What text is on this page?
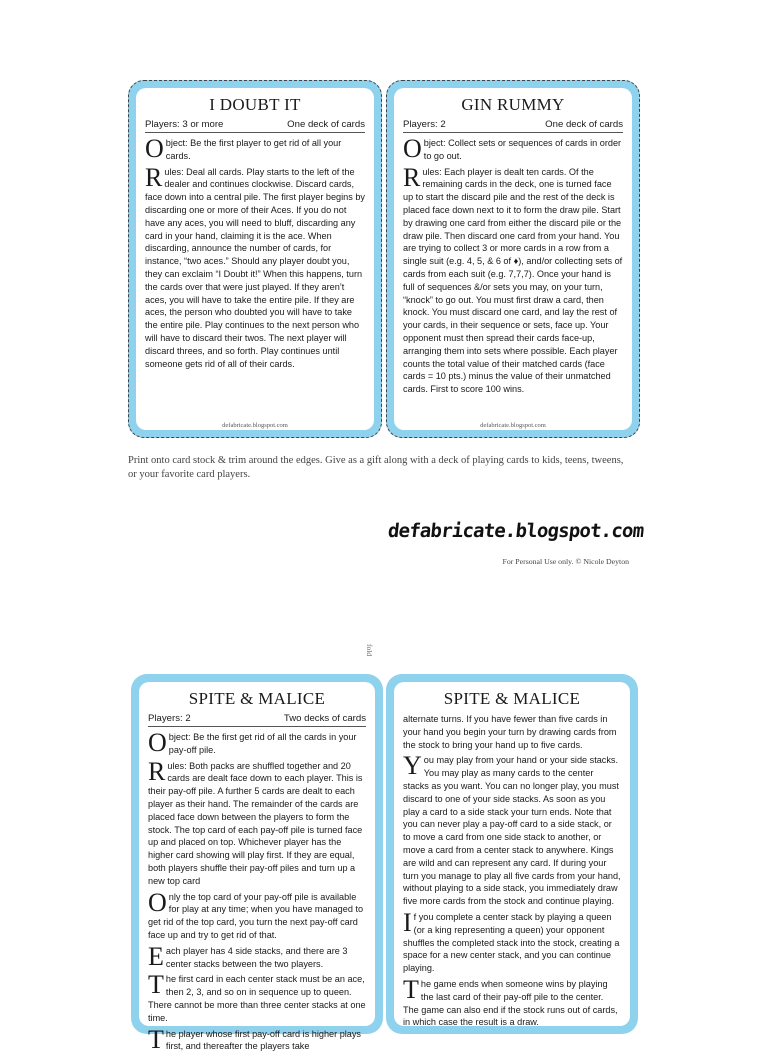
I DOUBT IT
Players: 3 or more	One deck of cards

Object: Be the first player to get rid of all your cards.

Rules: Deal all cards. Play starts to the left of the dealer and continues clockwise. Discard cards, face down into a central pile. The first player begins by discarding one or more of their Aces. If you do not have any aces, you will need to bluff, discarding any card in your hand, claiming it is the ace. When discarding, announce the number of cards, for instance, “two aces.” Should any player doubt you, they can exclaim “I Doubt it!” When this happens, turn the cards over that were just played. If they aren’t aces, you will have to take the entire pile. If they are aces, the person who doubted you will have to take the entire pile. Play continues to the next person who will have to discard their twos. The next player will discard threes, and so forth. Play continues until someone gets rid of all of their cards.

defabricate.blogspot.com
GIN RUMMY
Players: 2	One deck of cards

Object: Collect sets or sequences of cards in order to go out.

Rules: Each player is dealt ten cards. Of the remaining cards in the deck, one is turned face up to start the discard pile and the rest of the deck is placed face down next to it to form the draw pile. Start by drawing one card from either the discard pile or the draw pile. Then discard one card from your hand. You are trying to collect 3 or more cards in a row from a single suit (e.g. 4, 5, & 6 of ♦), and/or collecting sets of cards from each suit (e.g. 7,7,7). Once your hand is full of sequences &/or sets you may, on your turn, “knock” to go out. You must first draw a card, then knock. You must discard one card, and lay the rest of your cards, in their sequence or sets, face up. Your opponent must then spread their cards face-up, arranging them into sets where possible. Each player counts the total value of their matched cards (face cards = 10 pts.) minus the value of their unmatched cards. First to score 100 wins.

defabricate.blogspot.com
Print onto card stock & trim around the edges. Give as a gift along with a deck of playing cards to kids, teens, tweens, or your favorite card players.
defabricate.blogspot.com
For Personal Use only. © Nicole Deyton
fold
SPITE & MALICE
Players: 2	Two decks of cards

Object: Be the first get rid of all the cards in your pay-off pile.

Rules: Both packs are shuffled together and 20 cards are dealt face down to each player. This is their pay-off pile. A further 5 cards are dealt to each player as their hand. The remainder of the cards are placed face down between the players to form the stock. The top card of each pay-off pile is turned face up and placed on top. Whichever player has the higher card showing will play first. If they are equal, both players shuffle their pay-off piles and turn up a new top card

Only the top card of your pay-off pile is available for play at any time; when you have managed to get rid of the top card, you turn the next pay-off card face up and try to get rid of that.

Each player has 4 side stacks, and there are 3 center stacks between the two players.

The first card in each center stack must be an ace, then 2, 3, and so on in sequence up to queen. There cannot be more than three center stacks at one time.

The player whose first pay-off card is higher plays first, and thereafter the players take

SPITE & MALICE

alternate turns. If you have fewer than five cards in your hand you begin your turn by drawing cards from the stock to bring your hand up to five cards.

You may play from your hand or your side stacks. You may play as many cards to the center stacks as you want. You can no longer play, you must discard to one of your side stacks. As soon as you play a card to a side stack your turn ends. Note that you can never play a pay-off card to a side stack, or to move a card from one side stack to another, or move a card from a center stack to anywhere. Kings are wild and can represent any card. If during your turn you manage to play all five cards from your hand, without playing to a side stack, you immediately draw five more cards from the stock and continue playing.

If you complete a center stack by playing a queen (or a king representing a queen) your opponent shuffles the completed stack into the stock, creating a space for a new center stack, and you can continue playing.

The game ends when someone wins by playing the last card of their pay-off pile to the center. The game can also end if the stock runs out of cards, in which case the result is a draw.
